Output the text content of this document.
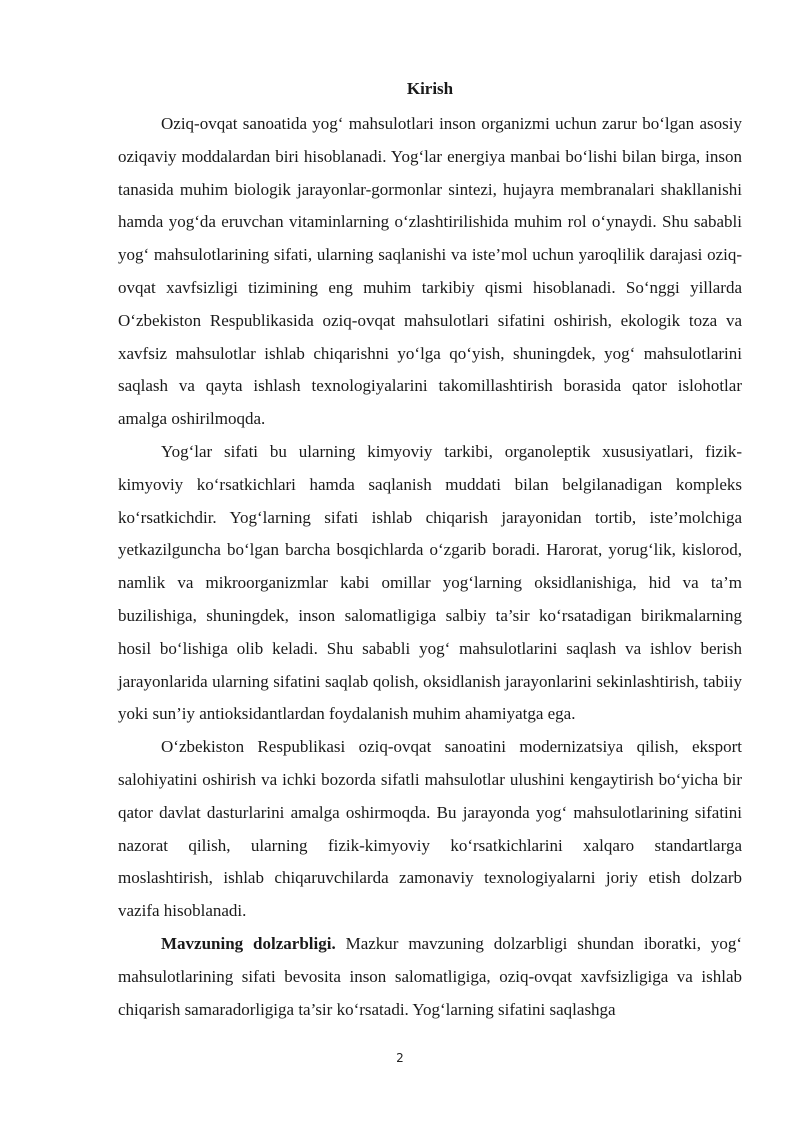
Kirish

Oziq-ovqat sanoatida yog‘ mahsulotlari inson organizmi uchun zarur bo‘lgan asosiy oziqaviy moddalardan biri hisoblanadi. Yog‘lar energiya manbai bo‘lishi bilan birga, inson tanasida muhim biologik jarayonlar-gormonlar sintezi, hujayra membranalari shakllanishi hamda yog‘da eruvchan vitaminlarning o‘zlashtirilishida muhim rol o‘ynaydi. Shu sababli yog‘ mahsulotlarining sifati, ularning saqlanishi va iste’mol uchun yaroqlilik darajasi oziq-ovqat xavfsizligi tizimining eng muhim tarkibiy qismi hisoblanadi. So‘nggi yillarda O‘zbekiston Respublikasida oziq-ovqat mahsulotlari sifatini oshirish, ekologik toza va xavfsiz mahsulotlar ishlab chiqarishni yo‘lga qo‘yish, shuningdek, yog‘ mahsulotlarini saqlash va qayta ishlash texnologiyalarini takomillashtirish borasida qator islohotlar amalga oshirilmoqda.

Yog‘lar sifati bu ularning kimyoviy tarkibi, organoleptik xususiyatlari, fizik-kimyoviy ko‘rsatkichlari hamda saqlanish muddati bilan belgilanadigan kompleks ko‘rsatkichdir. Yog‘larning sifati ishlab chiqarish jarayonidan tortib, iste’molchiga yetkazilguncha bo‘lgan barcha bosqichlarda o‘zgarib boradi. Harorat, yorug‘lik, kislorod, namlik va mikroorganizmlar kabi omillar yog‘larning oksidlanishiga, hid va ta’m buzilishiga, shuningdek, inson salomatligiga salbiy ta’sir ko‘rsatadigan birikmalarning hosil bo‘lishiga olib keladi. Shu sababli yog‘ mahsulotlarini saqlash va ishlov berish jarayonlarida ularning sifatini saqlab qolish, oksidlanish jarayonlarini sekinlashtirish, tabiiy yoki sun’iy antioksidantlardan foydalanish muhim ahamiyatga ega.

O‘zbekiston Respublikasi oziq-ovqat sanoatini modernizatsiya qilish, eksport salohiyatini oshirish va ichki bozorda sifatli mahsulotlar ulushini kengaytirish bo‘yicha bir qator davlat dasturlarini amalga oshirmoqda. Bu jarayonda yog‘ mahsulotlarining sifatini nazorat qilish, ularning fizik-kimyoviy ko‘rsatkichlarini xalqaro standartlarga moslashtirish, ishlab chiqaruvchilarda zamonaviy texnologiyalarni joriy etish dolzarb vazifa hisoblanadi.

Mavzuning dolzarbligi. Mazkur mavzuning dolzarbligi shundan iboratki, yog‘ mahsulotlarining sifati bevosita inson salomatligiga, oziq-ovqat xavfsizligiga va ishlab chiqarish samaradorligiga ta’sir ko‘rsatadi. Yog‘larning sifatini saqlashga

2
